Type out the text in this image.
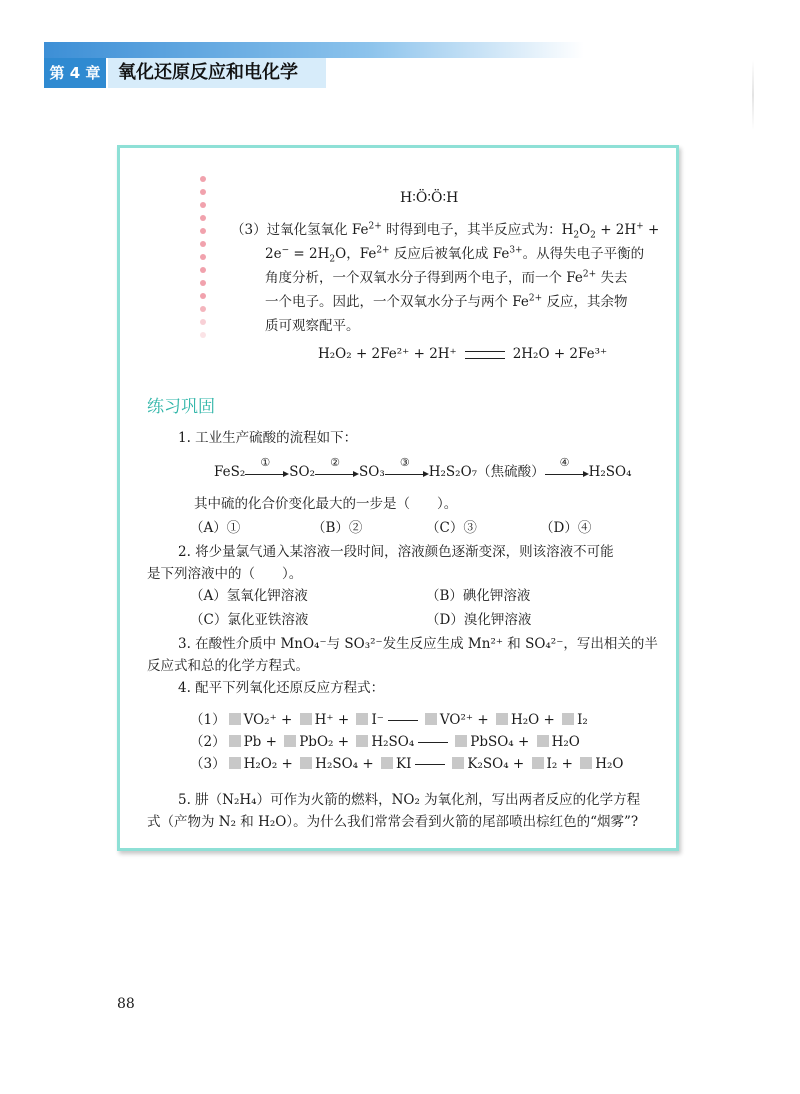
第 4 章 氧化还原反应和电化学
H∶Ö∶Ö∶H
（3）过氧化氢氧化 $Fe^{2+}$ 时得到电子，其半反应式为：$H_2O_2 + 2H^+$ +
$2e^- = 2H_2O$，$Fe^{2+}$ 反应后被氧化成 $Fe^{3+}$。从得失电子平衡的
角度分析，一个双氧水分子得到两个电子，而一个 $Fe^{2+}$ 失去
一个电子。因此，一个双氧水分子与两个 $Fe^{2+}$ 反应，其余物
质可观察配平。
H₂O₂ + 2Fe²⁺ + 2H⁺	2H₂O + 2Fe³⁺
练习巩固
1. 工业生产硫酸的流程如下：
FeS₂
①
SO₂
②
SO₃
③
H₂S₂O₇（焦硫酸）
④
H₂SO₄
其中硫的化合价变化最大的一步是（　　）。
（A）①	（B）②	（C）③	（D）④
2. 将少量氯气通入某溶液一段时间，溶液颜色逐渐变深，则该溶液不可能
是下列溶液中的（　　）。
（A）氢氧化钾溶液	（B）碘化钾溶液
（C）氯化亚铁溶液	（D）溴化钾溶液
3. 在酸性介质中 MnO₄⁻与 SO₃²⁻发生反应生成 Mn²⁺ 和 SO₄²⁻，写出相关的半
反应式和总的化学方程式。
4. 配平下列氧化还原反应方程式：
（1） VO₂⁺ + H⁺ + I⁻	VO²⁺ + H₂O + I₂
（2） Pb + PbO₂ + H₂SO₄	PbSO₄ + H₂O
（3） H₂O₂ + H₂SO₄ + KI	K₂SO₄ + I₂ + H₂O
5. 肼（N₂H₄）可作为火箭的燃料，NO₂ 为氧化剂，写出两者反应的化学方程
式（产物为 N₂ 和 H₂O）。为什么我们常常会看到火箭的尾部喷出棕红色的“烟雾”?
88
